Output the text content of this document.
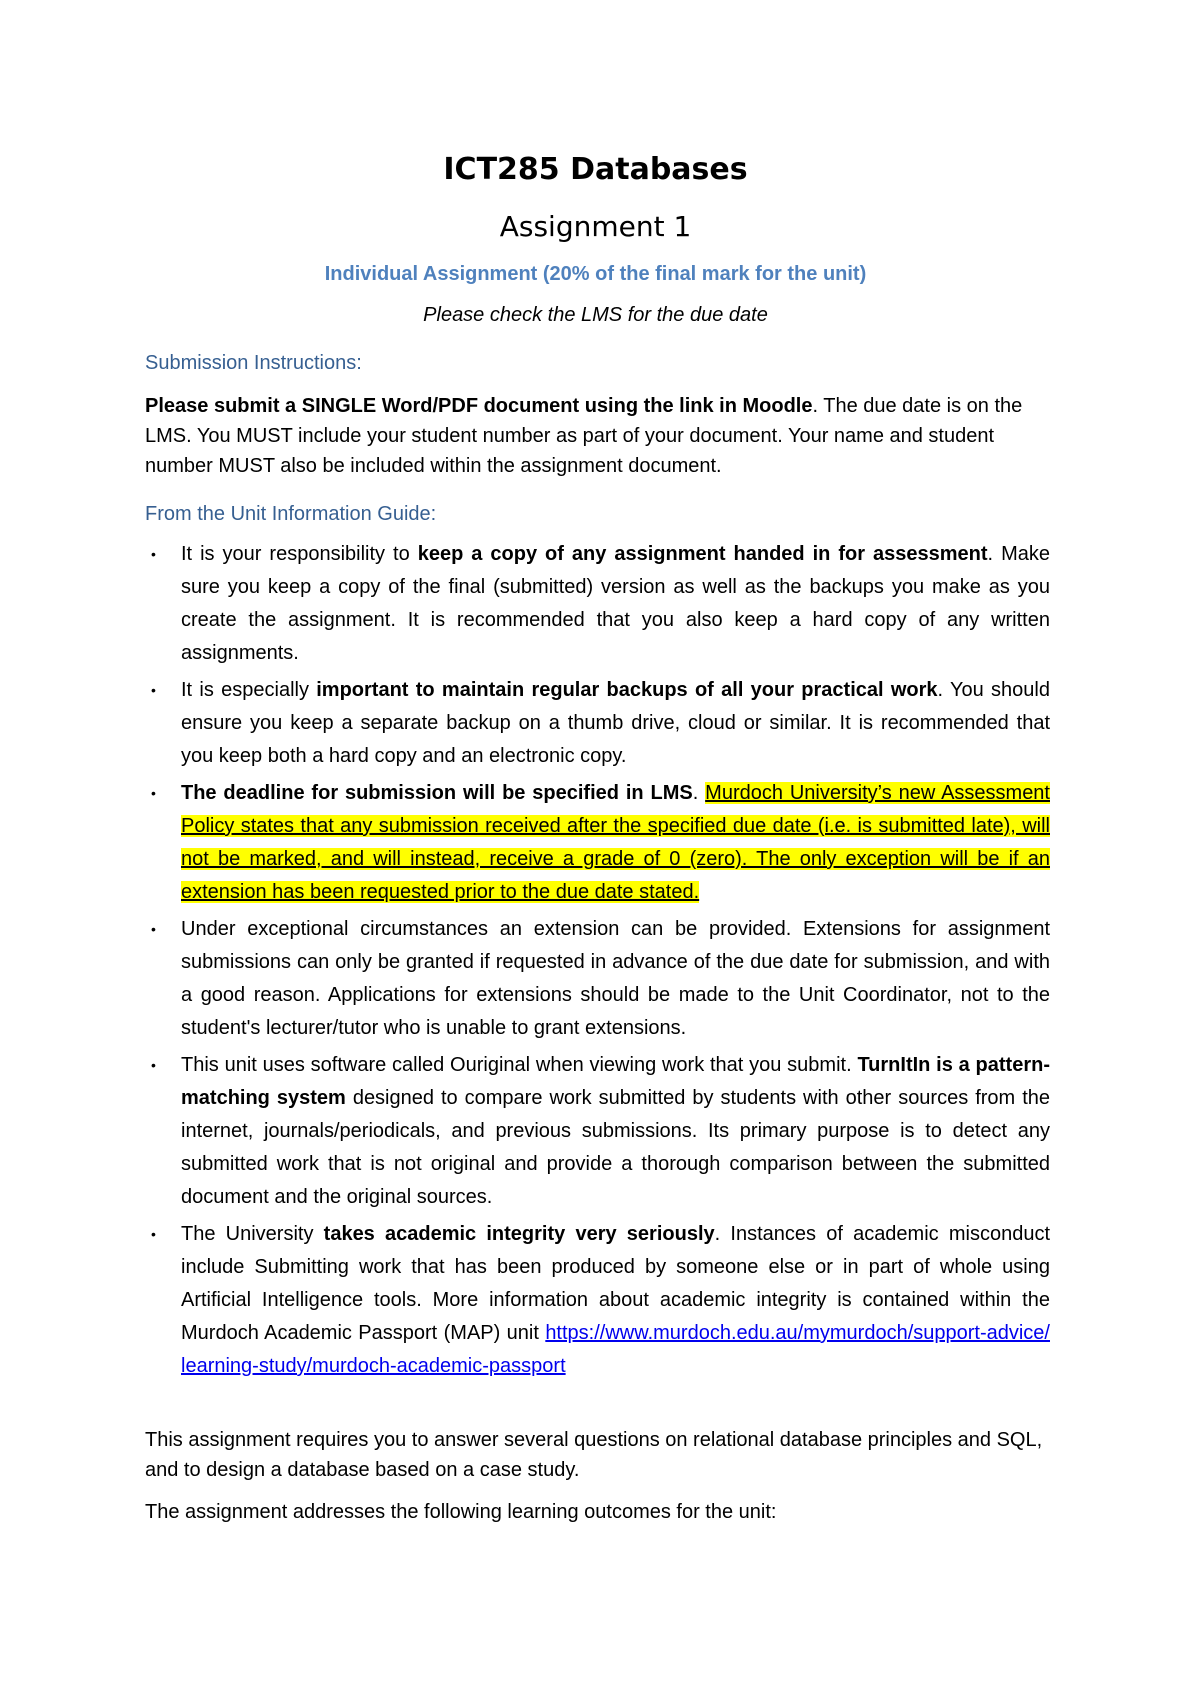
ICT285 Databases
Assignment 1
Individual Assignment (20% of the final mark for the unit)
Please check the LMS for the due date
Submission Instructions:
Please submit a SINGLE Word/PDF document using the link in Moodle. The due date is on the LMS. You MUST include your student number as part of your document. Your name and student number MUST also be included within the assignment document.
From the Unit Information Guide:
• It is your responsibility to keep a copy of any assignment handed in for assessment. Make sure you keep a copy of the final (submitted) version as well as the backups you make as you create the assignment. It is recommended that you also keep a hard copy of any written assignments.
• It is especially important to maintain regular backups of all your practical work. You should ensure you keep a separate backup on a thumb drive, cloud or similar. It is recommended that you keep both a hard copy and an electronic copy.
• The deadline for submission will be specified in LMS. Murdoch University’s new Assessment Policy states that any submission received after the specified due date (i.e. is submitted late), will not be marked, and will instead, receive a grade of 0 (zero). The only exception will be if an extension has been requested prior to the due date stated.
• Under exceptional circumstances an extension can be provided. Extensions for assignment submissions can only be granted if requested in advance of the due date for submission, and with a good reason. Applications for extensions should be made to the Unit Coordinator, not to the student's lecturer/tutor who is unable to grant extensions.
• This unit uses software called Ouriginal when viewing work that you submit. TurnItIn is a pattern-matching system designed to compare work submitted by students with other sources from the internet, journals/periodicals, and previous submissions. Its primary purpose is to detect any submitted work that is not original and provide a thorough comparison between the submitted document and the original sources.
• The University takes academic integrity very seriously. Instances of academic misconduct include Submitting work that has been produced by someone else or in part of whole using Artificial Intelligence tools. More information about academic integrity is contained within the Murdoch Academic Passport (MAP) unit https://www.murdoch.edu.au/mymurdoch/support-advice/learning-study/murdoch-academic-passport
This assignment requires you to answer several questions on relational database principles and SQL, and to design a database based on a case study.
The assignment addresses the following learning outcomes for the unit:
